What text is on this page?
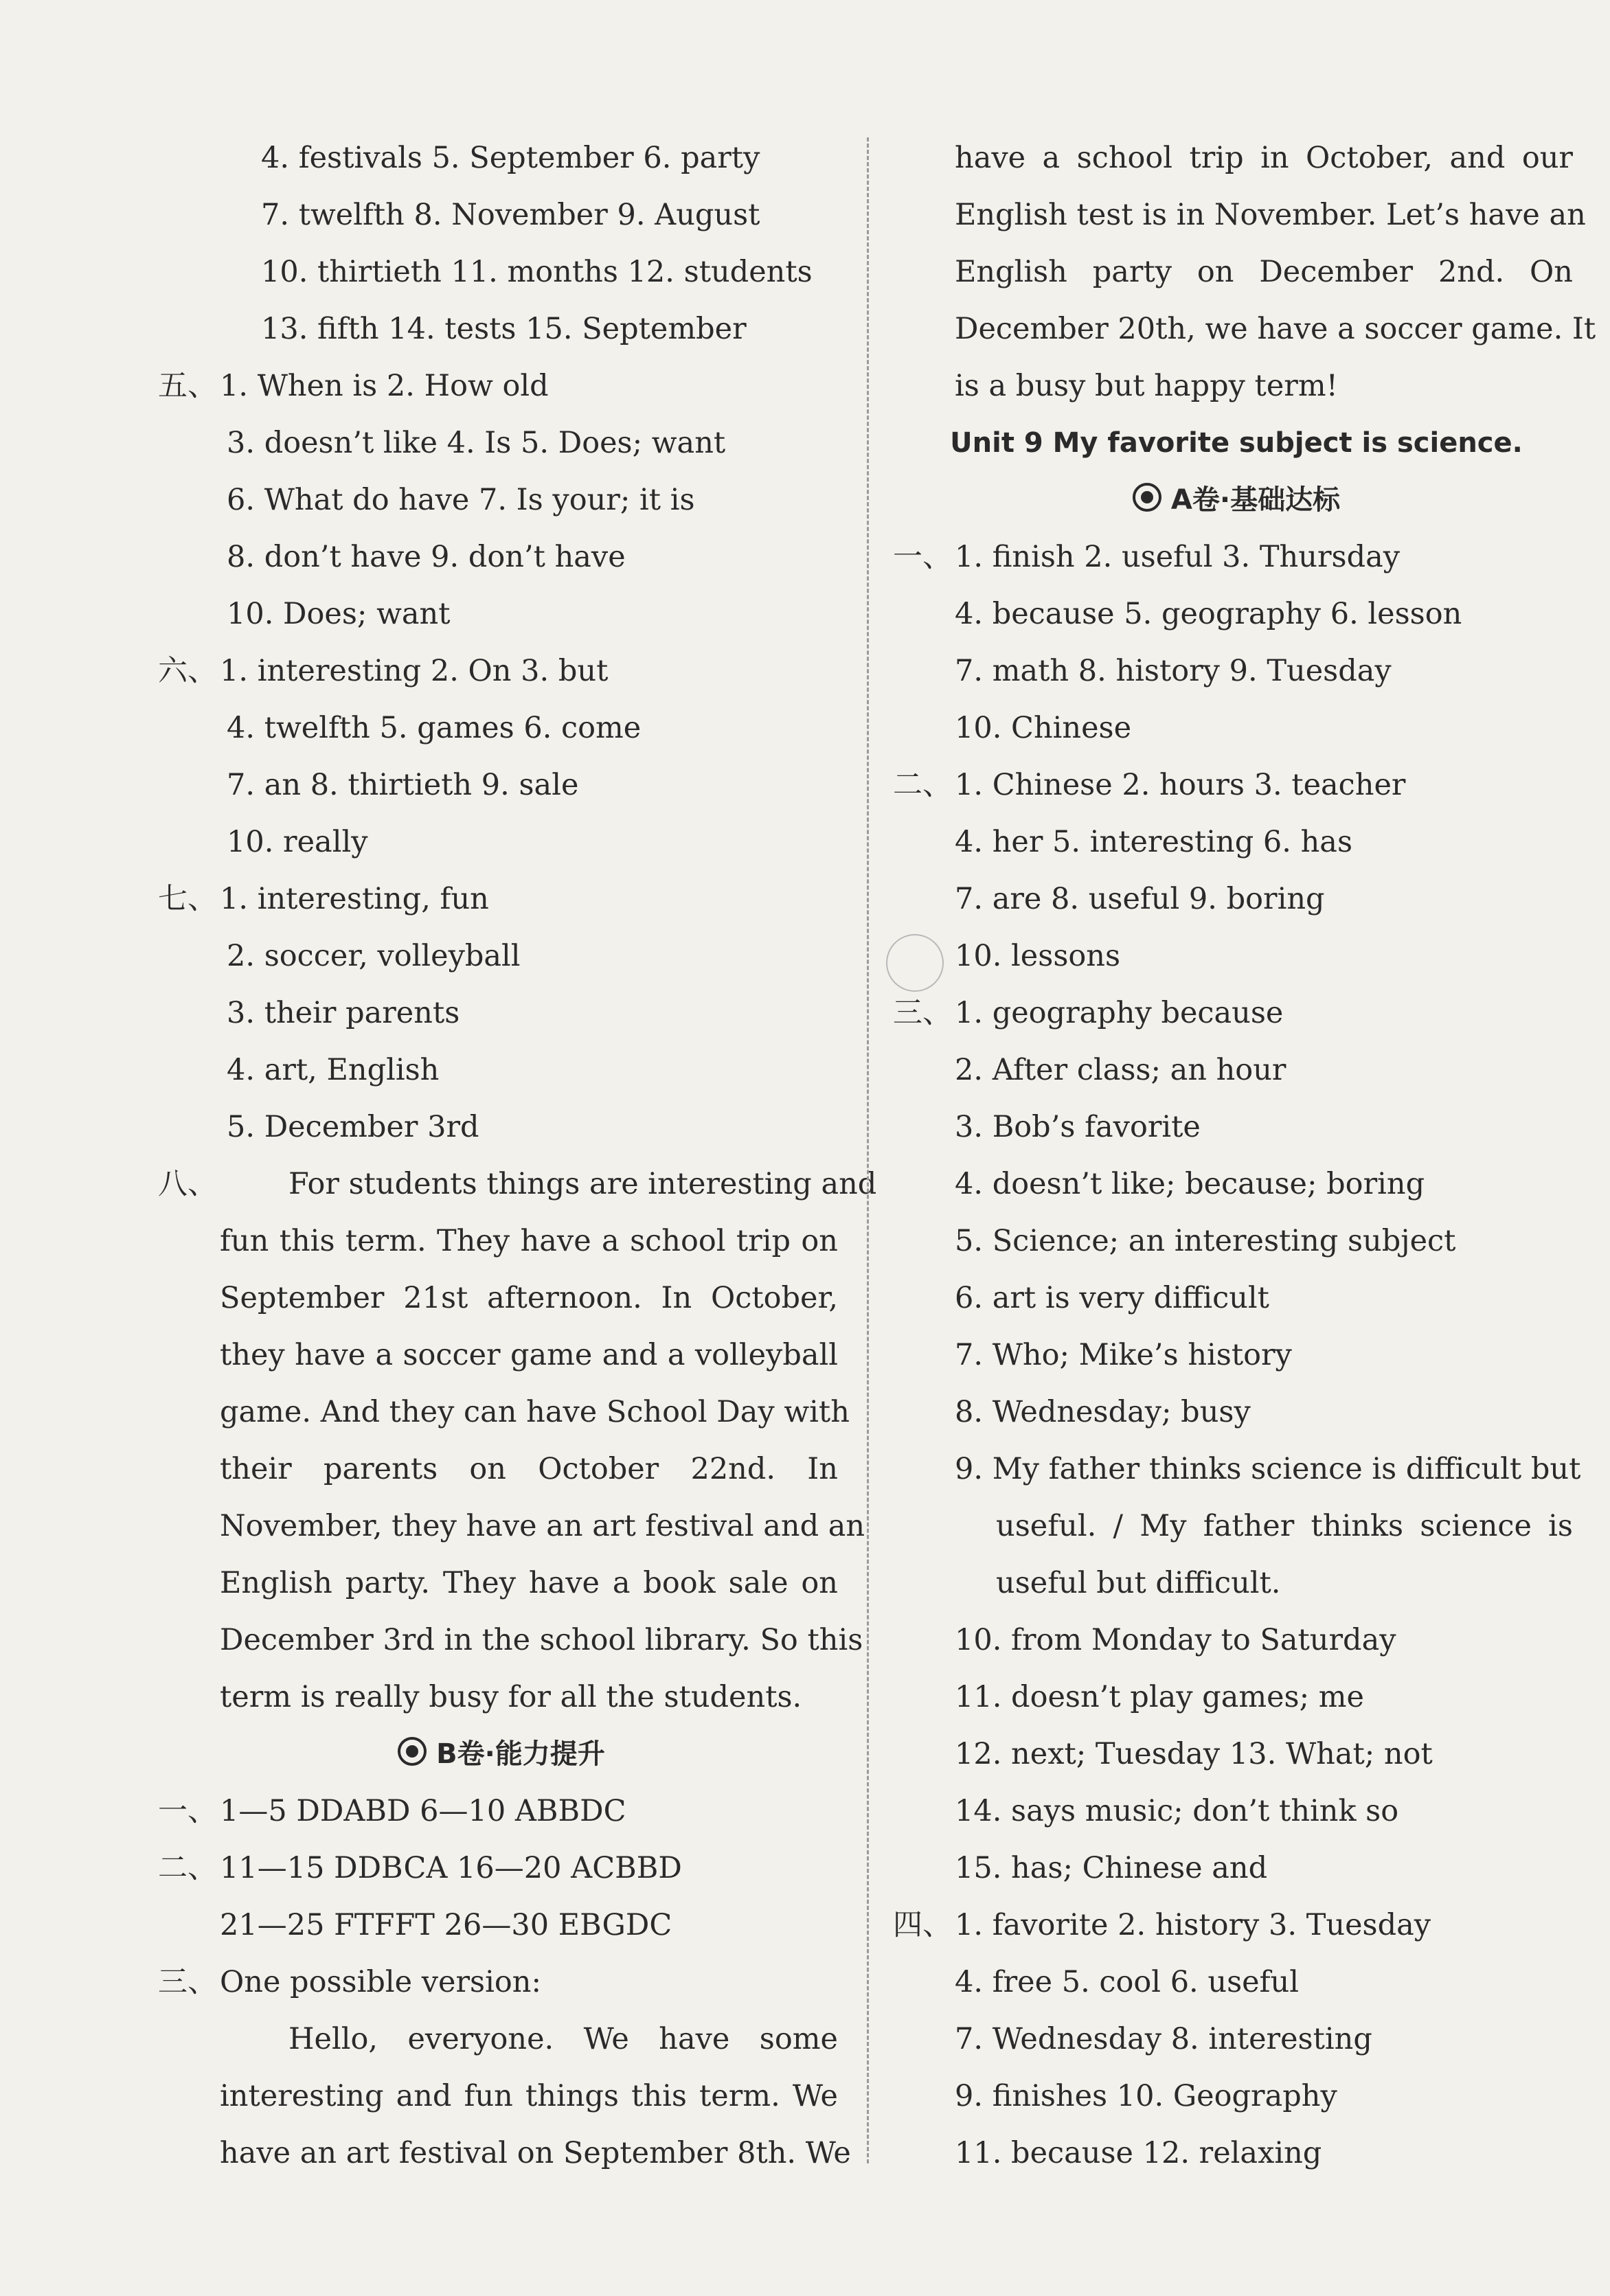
4. festivals 5. September 6. party
7. twelfth 8. November 9. August
10. thirtieth 11. months 12. students
13. fifth 14. tests 15. September
五、1. When is 2. How old
3. doesn’t like 4. Is 5. Does; want
6. What do have 7. Is your; it is
8. don’t have 9. don’t have
10. Does; want
六、1. interesting 2. On 3. but
4. twelfth 5. games 6. come
7. an 8. thirtieth 9. sale
10. really
七、1. interesting, fun
2. soccer, volleyball
3. their parents
4. art, English
5. December 3rd
八、 For students things are interesting and
fun this term. They have a school trip on
September 21st afternoon. In October,
they have a soccer game and a volleyball
game. And they can have School Day with
their parents on October 22nd. In
November, they have an art festival and an
English party. They have a book sale on
December 3rd in the school library. So this
term is really busy for all the students.
B卷·能力提升
一、1—5 DDABD 6—10 ABBDC
二、11—15 DDBCA 16—20 ACBBD
21—25 FTFFT 26—30 EBGDC
三、One possible version:
Hello, everyone. We have some
interesting and fun things this term. We
have an art festival on September 8th. We
have a school trip in October, and our
English test is in November. Let’s have an
English party on December 2nd. On
December 20th, we have a soccer game. It
is a busy but happy term!
Unit 9 My favorite subject is science.
A卷·基础达标
一、1. finish 2. useful 3. Thursday
4. because 5. geography 6. lesson
7. math 8. history 9. Tuesday
10. Chinese
二、1. Chinese 2. hours 3. teacher
4. her 5. interesting 6. has
7. are 8. useful 9. boring
10. lessons
三、1. geography because
2. After class; an hour
3. Bob’s favorite
4. doesn’t like; because; boring
5. Science; an interesting subject
6. art is very difficult
7. Who; Mike’s history
8. Wednesday; busy
9. My father thinks science is difficult but
useful. / My father thinks science is
useful but difficult.
10. from Monday to Saturday
11. doesn’t play games; me
12. next; Tuesday 13. What; not
14. says music; don’t think so
15. has; Chinese and
四、1. favorite 2. history 3. Tuesday
4. free 5. cool 6. useful
7. Wednesday 8. interesting
9. finishes 10. Geography
11. because 12. relaxing
